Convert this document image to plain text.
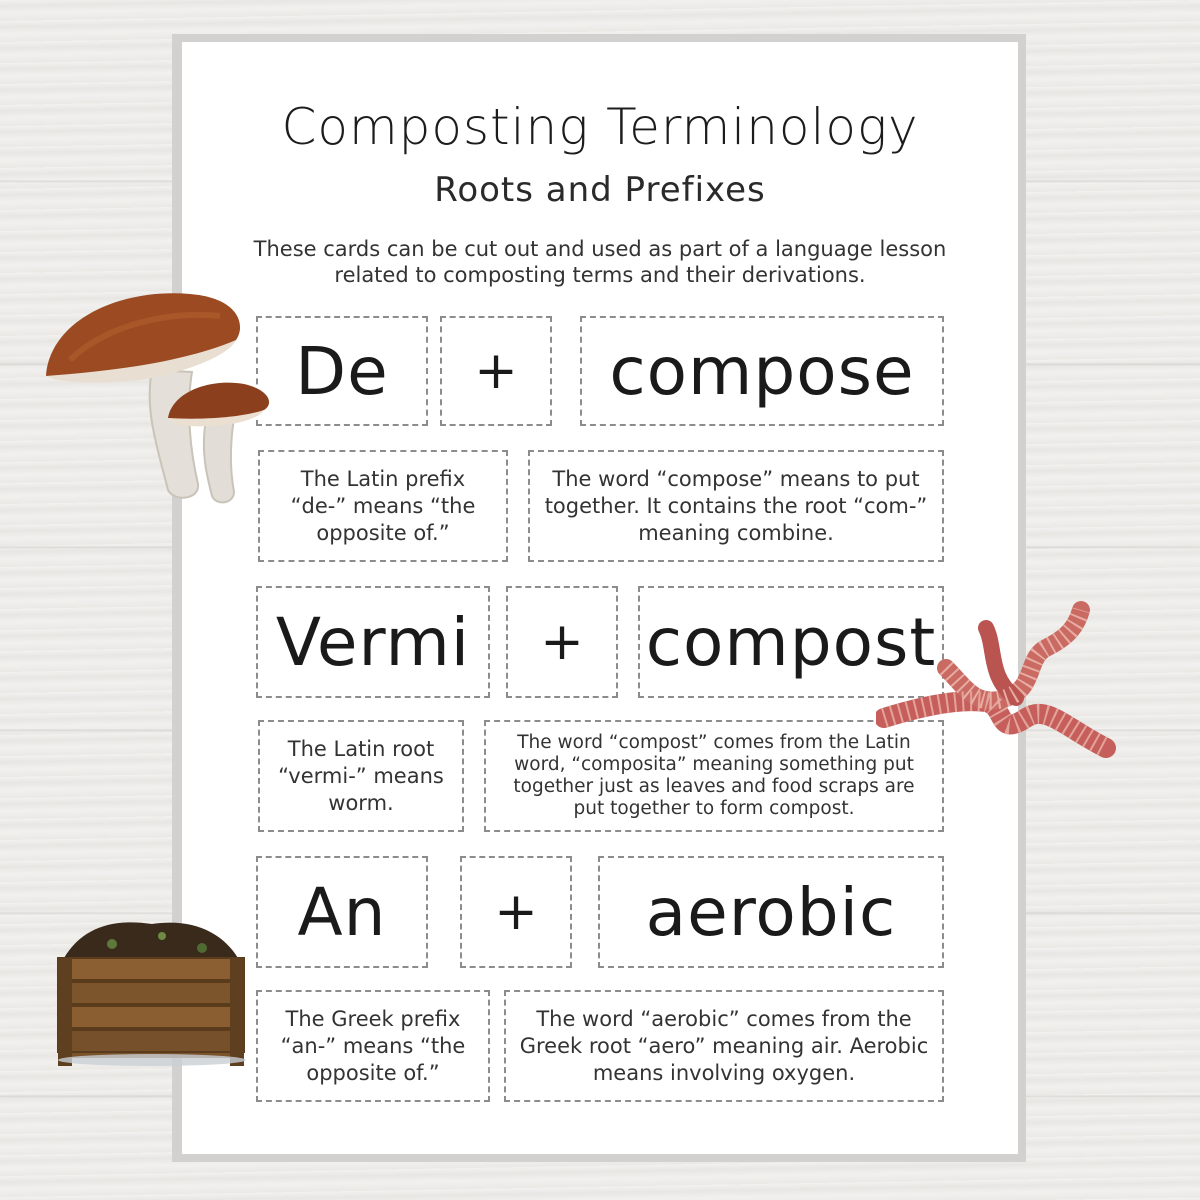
Composting Terminology
Roots and Prefixes
These cards can be cut out and used as part of a language lesson related to composting terms and their derivations.
De + compose
The Latin prefix “de-” means “the opposite of.”
The word “compose” means to put together. It contains the root “com-” meaning combine.
Vermi + compost
The Latin root “vermi-” means worm.
The word “compost” comes from the Latin word, “composita” meaning something put together just as leaves and food scraps are put together to form compost.
An + aerobic
The Greek prefix “an-” means “the opposite of.”
The word “aerobic” comes from the Greek root “aero” meaning air. Aerobic means involving oxygen.
